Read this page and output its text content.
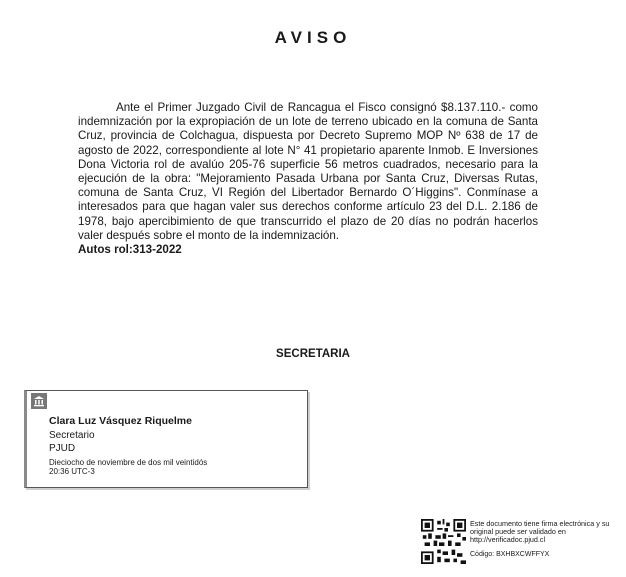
AVISO

Ante el Primer Juzgado Civil de Rancagua el Fisco consignó $8.137.110.- como indemnización por la expropiación de un lote de terreno ubicado en la comuna de Santa Cruz, provincia de Colchagua, dispuesta por Decreto Supremo MOP Nº 638 de 17 de agosto de 2022, correspondiente al lote N° 41 propietario aparente Inmob. E Inversiones Dona Victoria rol de avalúo 205-76 superficie 56 metros cuadrados, necesario para la ejecución de la obra: "Mejoramiento Pasada Urbana por Santa Cruz, Diversas Rutas, comuna de Santa Cruz, VI Región del Libertador Bernardo O´Higgins". Conmínase a interesados para que hagan valer sus derechos conforme artículo 23 del D.L. 2.186 de 1978, bajo apercibimiento de que transcurrido el plazo de 20 días no podrán hacerlos valer después sobre el monto de la indemnización.

Autos rol:313-2022

SECRETARIA
Clara Luz Vásquez Riquelme
Secretario
PJUD
Dieciocho de noviembre de dos mil veintidós
20:36 UTC-3
Este documento tiene firma electrónica y su original puede ser validado en http://verificadoc.pjud.cl
Código: BXHBXCWFFYX
